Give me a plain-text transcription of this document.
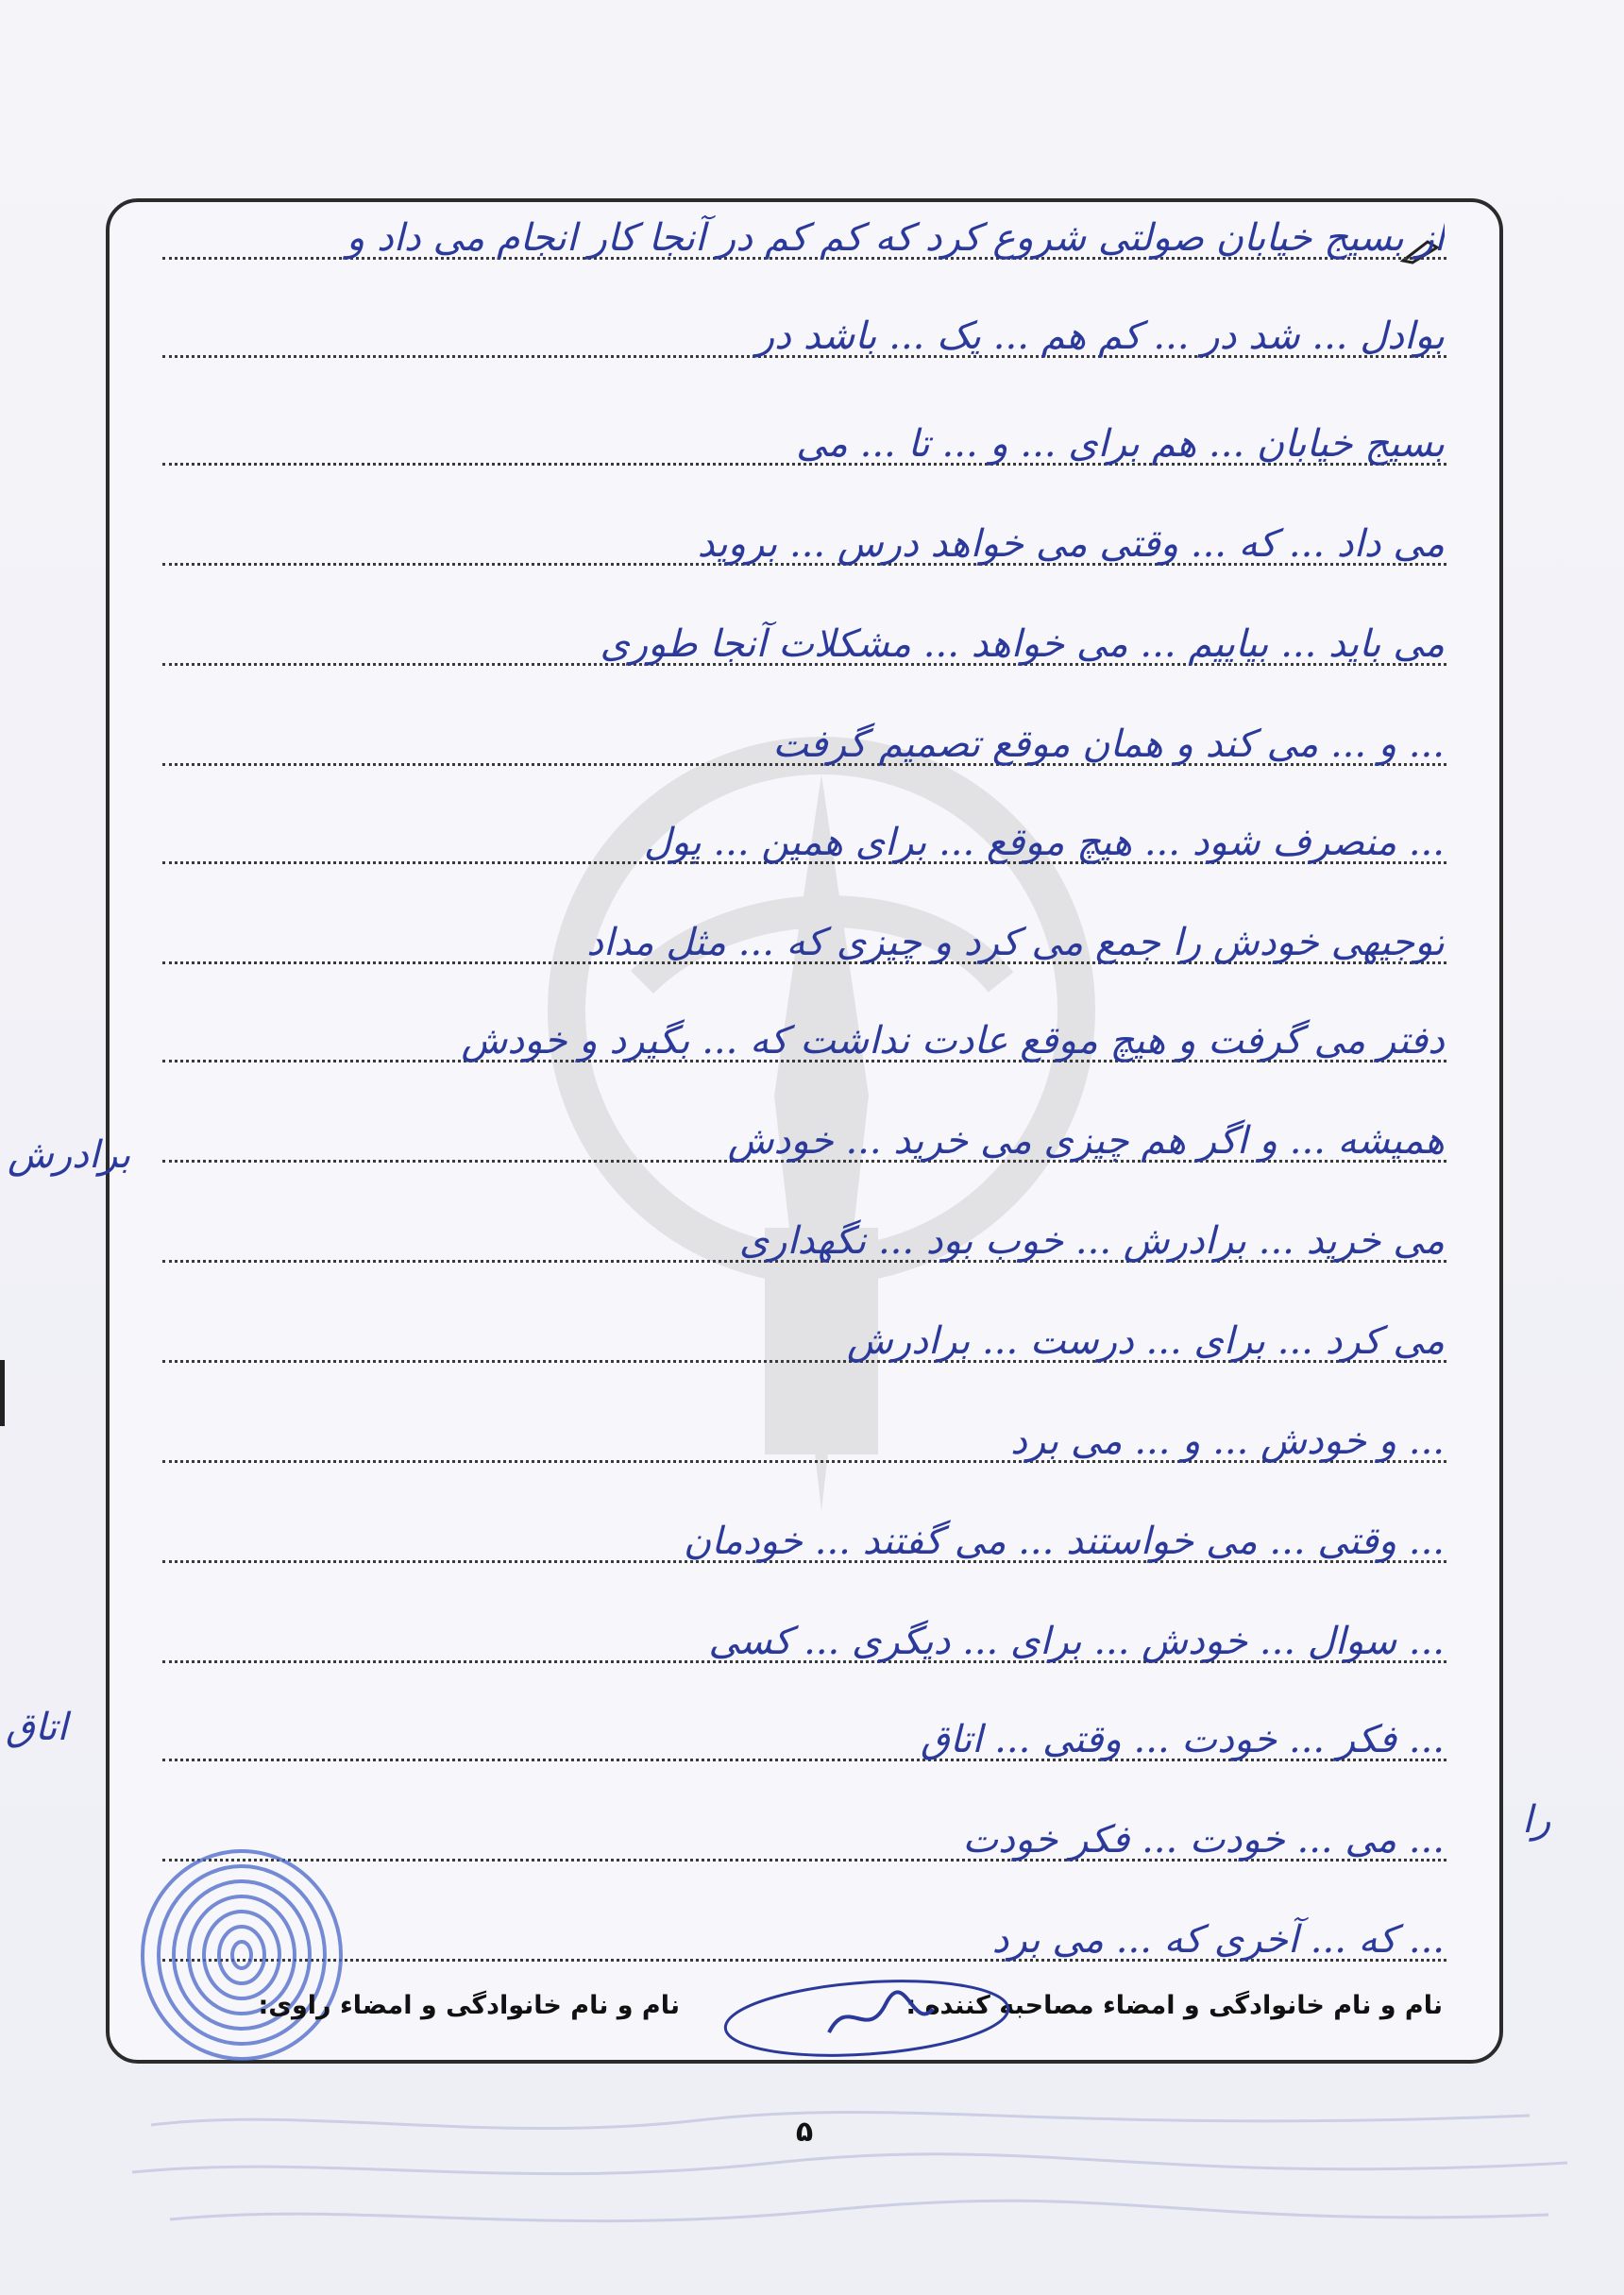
از بسیج خیابان صولتی شروع کرد که کم کم در آنجا کار انجام می داد و
بوادل ... شد در ... کم هم ... یک ... باشد در
بسیج خیابان ... هم برای ... و ... تا ... می
می داد ... که ... وقتی می خواهد درس ... بروید
می باید ... بیاییم ... می خواهد ... مشکلات آنجا طوری
... و ... می کند و همان موقع تصمیم گرفت
... منصرف شود ... هیچ موقع ... برای همین ... پول
توجیهی خودش را جمع می کرد و چیزی که ... مثل مداد
دفتر می گرفت و هیچ موقع عادت نداشت که ... بگیرد و خودش
همیشه ... و اگر هم چیزی می خرید ... خودش
می خرید ... برادرش ... خوب بود ... نگهداری
می کرد ... برای ... درست ... برادرش
... و خودش ... و ... می برد
... وقتی ... می خواستند ... می گفتند ... خودمان
... سوال ... خودش ... برای ... دیگری ... کسی
... فکر ... خودت ... وقتی ... اتاق
... می ... خودت ... فکر خودت
... که ... آخری که ... می برد
برادرش
اتاق
را
نام و نام خانوادگی و امضاء مصاحبه کننده :
نام و نام خانوادگی و امضاء راوی:
۵
